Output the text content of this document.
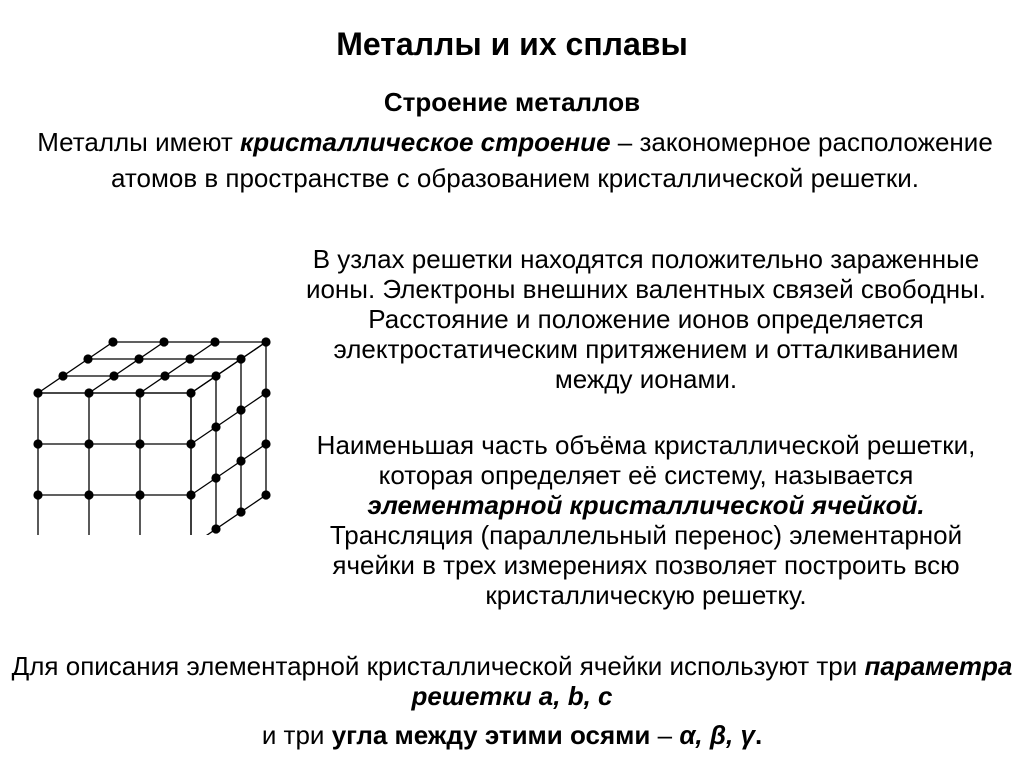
Металлы и их сплавы
Строение металлов

Металлы имеют кристаллическое строение – закономерное расположение атомов в пространстве с образованием кристаллической решетки.

В узлах решетки находятся положительно зараженные ионы. Электроны внешних валентных связей свободны. Расстояние и положение ионов определяется электростатическим притяжением и отталкиванием между ионами.

Наименьшая часть объёма кристаллической решетки, которая определяет её систему, называется элементарной кристаллической ячейкой. Трансляция (параллельный перенос) элементарной ячейки в трех измерениях позволяет построить всю кристаллическую решетку.

Для описания элементарной кристаллической ячейки используют три параметра решетки a, b, c

и три угла между этими осями – α, β, γ.
